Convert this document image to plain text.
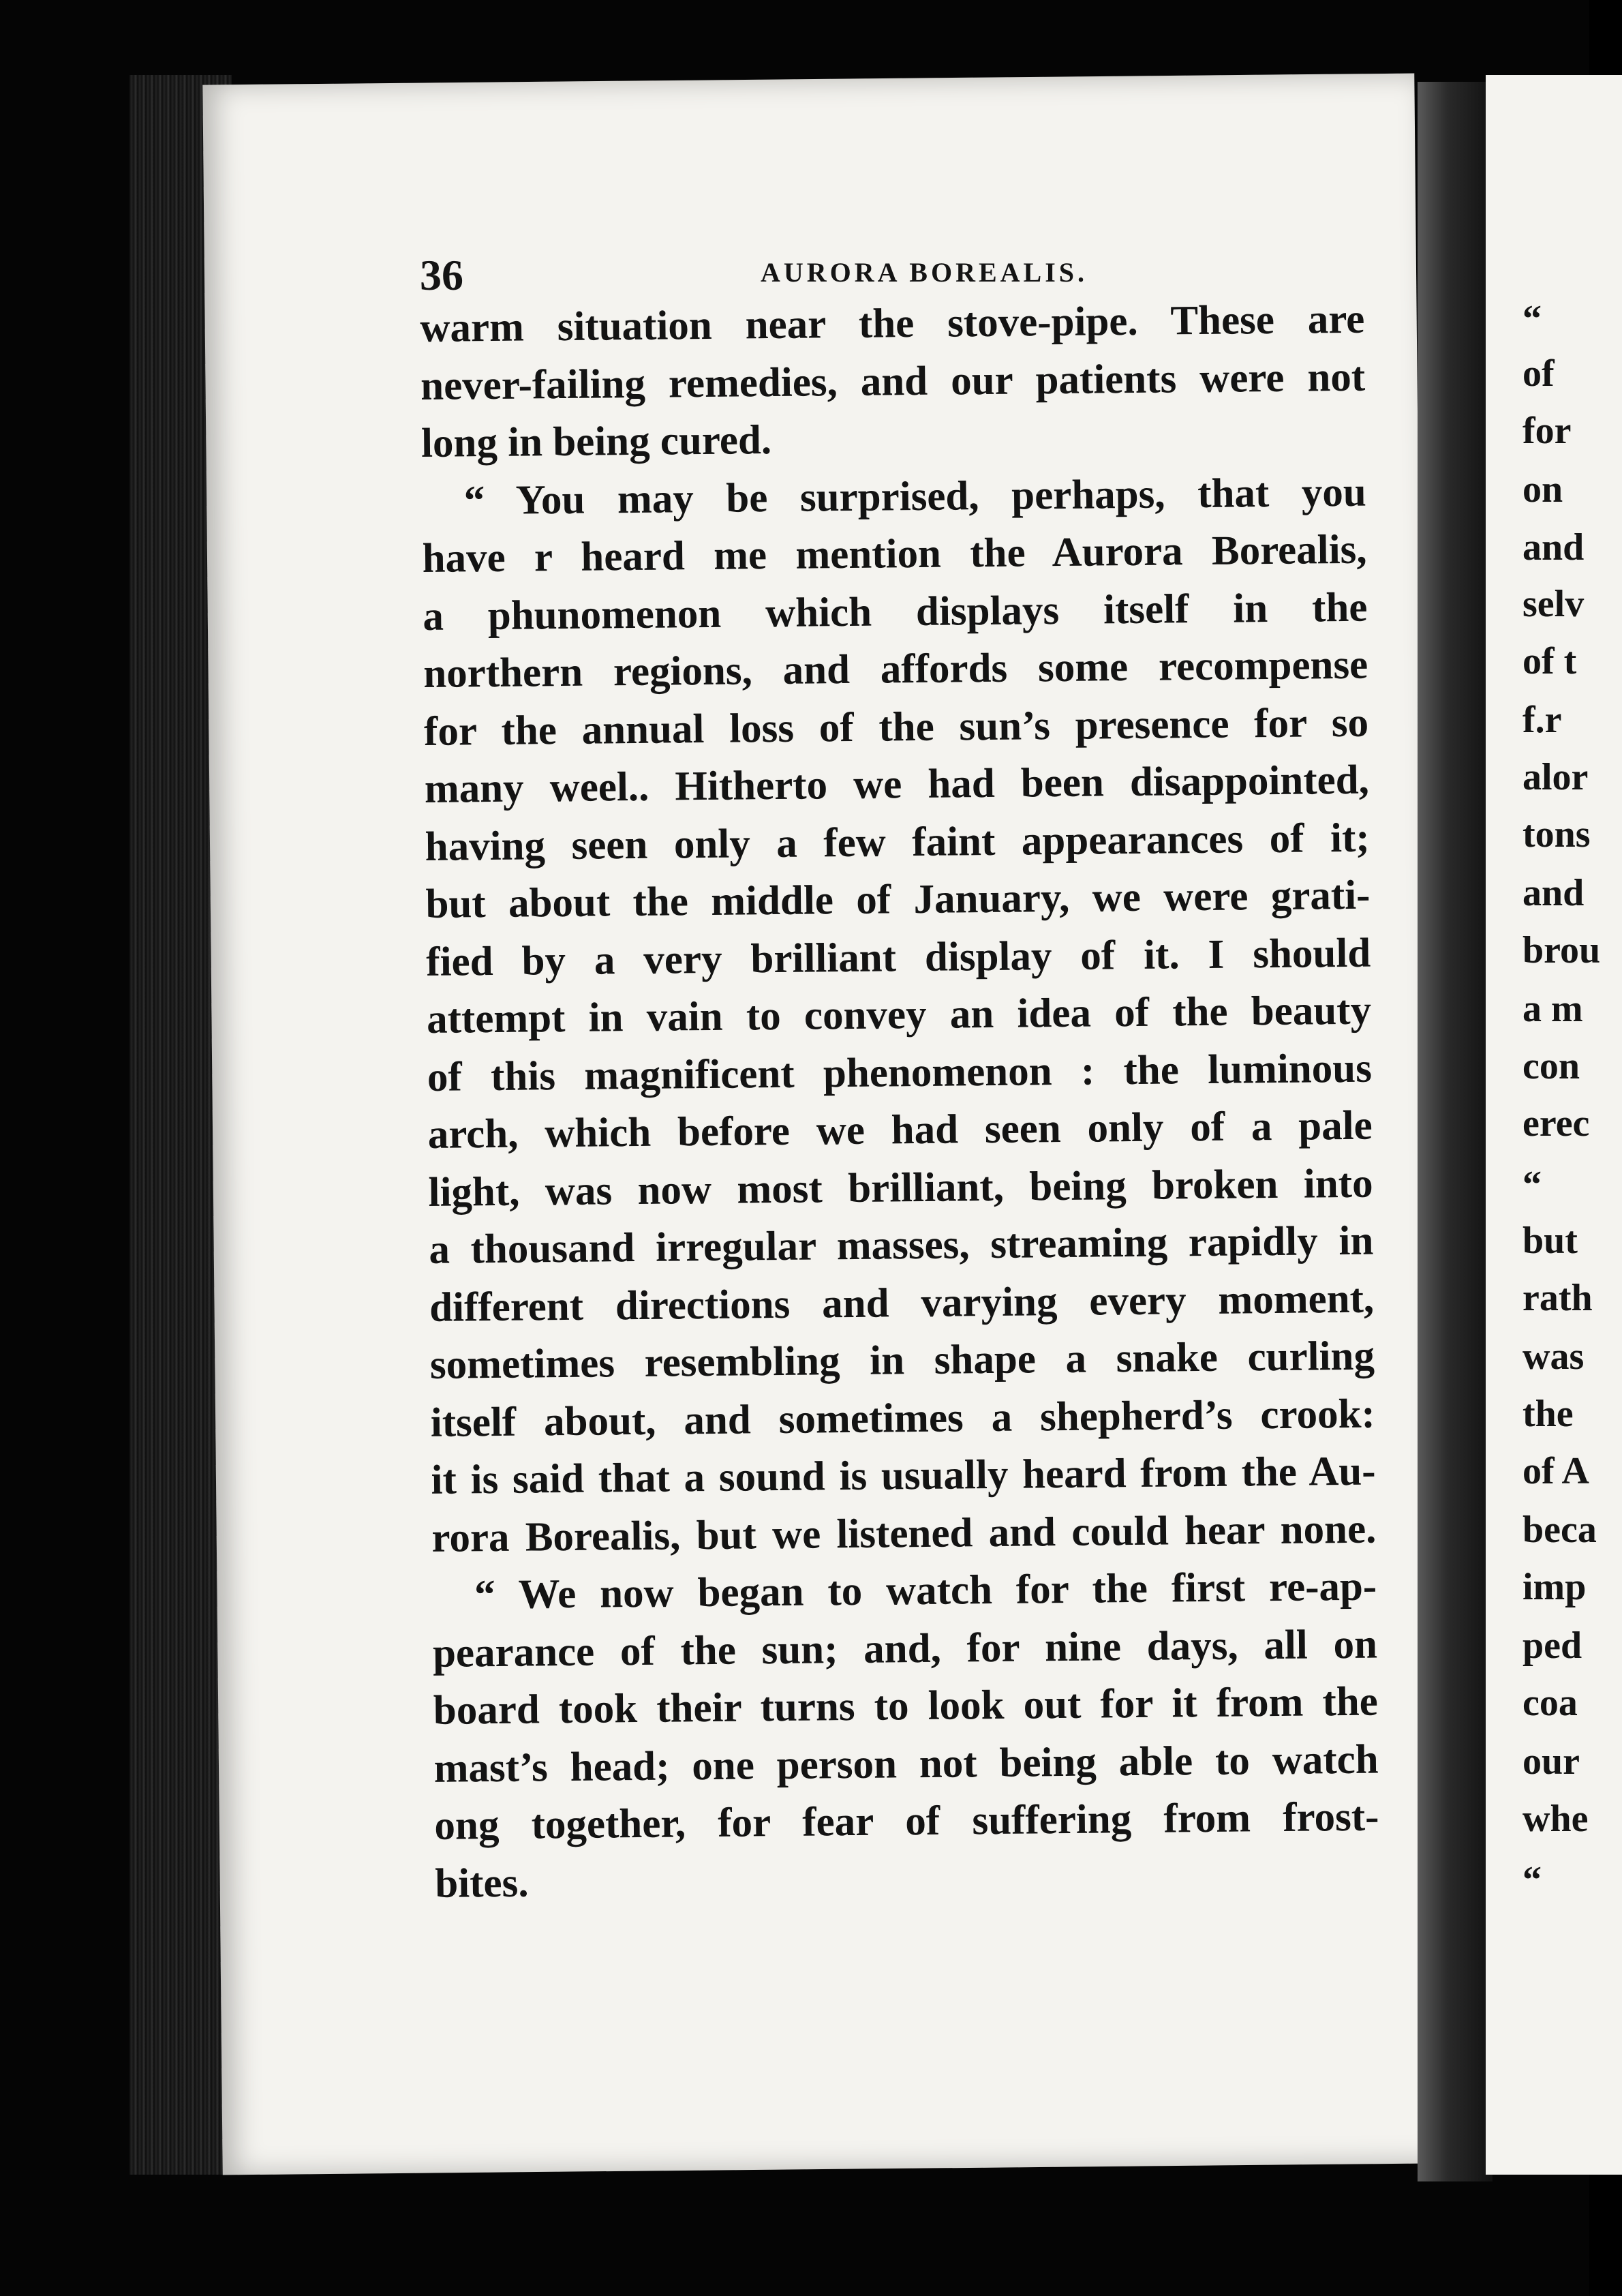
“
of
for
on
and
selv
of t
f.r
alor
tons
and
brou
a m
con
erec
“
but
rath
was
the
of A
beca
imp
ped
coa
our
whe
“
36	AURORA BOREALIS.
warm situation near the stove-pipe. These are
never-failing remedies, and our patients were not
long in being cured.
“ You may be surprised, perhaps, that you
have r heard me mention the Aurora Borealis,
a phunomenon which displays itself in the
northern regions, and affords some recompense
for the annual loss of the sun’s presence for so
many weel.. Hitherto we had been disappointed,
having seen only a few faint appearances of it;
but about the middle of January, we were grati-
fied by a very brilliant display of it. I should
attempt in vain to convey an idea of the beauty
of this magnificent phenomenon : the luminous
arch, which before we had seen only of a pale
light, was now most brilliant, being broken into
a thousand irregular masses, streaming rapidly in
different directions and varying every moment,
sometimes resembling in shape a snake curling
itself about, and sometimes a shepherd’s crook:
it is said that a sound is usually heard from the Au-
rora Borealis, but we listened and could hear none.
“ We now began to watch for the first re-ap-
pearance of the sun; and, for nine days, all on
board took their turns to look out for it from the
mast’s head; one person not being able to watch
ong together, for fear of suffering from frost-
bites.
